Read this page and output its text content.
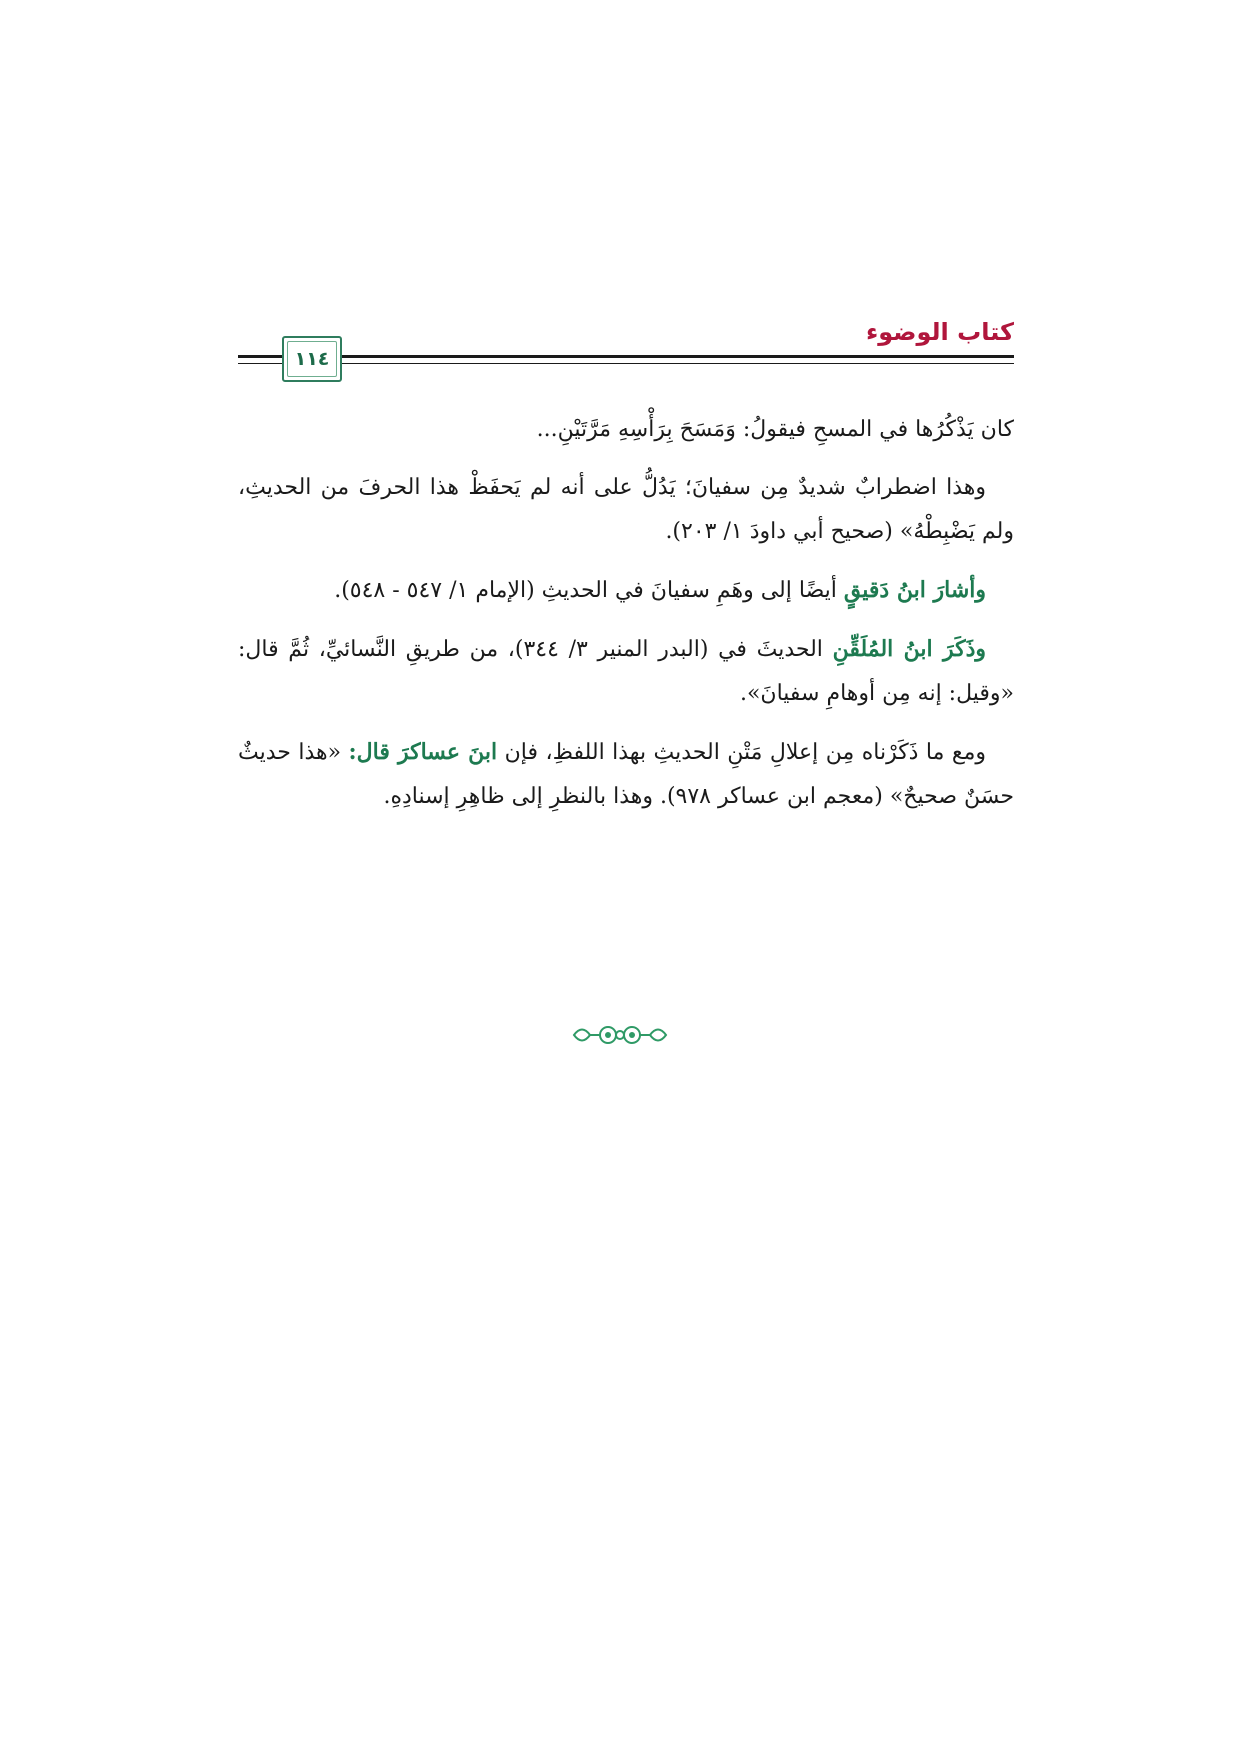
كتاب الوضوء
١١٤

كان يَذْكُرُها في المسحِ فيقولُ: وَمَسَحَ بِرَأْسِهِ مَرَّتَيْنِ...

وهذا اضطرابٌ شديدٌ مِن سفيانَ؛ يَدُلُّ على أنه لم يَحفَظْ هذا الحرفَ من الحديثِ، ولم يَضْبِطْهُ» (صحيح أبي داودَ ١/ ٢٠٣).

وأشارَ ابنُ دَقيقٍ أيضًا إلى وهَمِ سفيانَ في الحديثِ (الإمام ١/ ٥٤٧ - ٥٤٨).

وذَكَرَ ابنُ المُلَقِّنِ الحديثَ في (البدر المنير ٣/ ٣٤٤)، من طريقِ النَّسائيِّ، ثُمَّ قال: «وقيل: إنه مِن أوهامِ سفيانَ».

ومع ما ذَكَرْناه مِن إعلالِ مَتْنِ الحديثِ بهذا اللفظِ، فإن ابنَ عساكرَ قال: «هذا حديثٌ حسَنٌ صحيحٌ» (معجم ابن عساكر ٩٧٨). وهذا بالنظرِ إلى ظاهِرِ إسنادِهِ.
